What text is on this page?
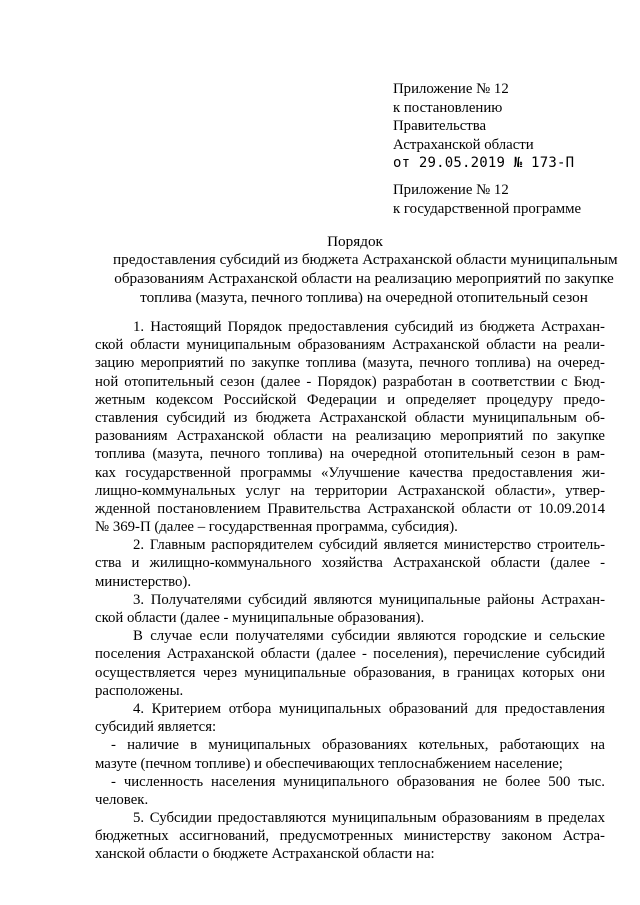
Приложение № 12
к постановлению
Правительства
Астраханской области
от 29.05.2019 № 173-П
Приложение № 12
к государственной программе
Порядок
предоставления субсидий из бюджета Астраханской области муниципальным
образованиям Астраханской области на реализацию мероприятий по закупке
топлива (мазута, печного топлива) на очередной отопительный сезон
1. Настоящий Порядок предоставления субсидий из бюджета Астрахан-
ской области муниципальным образованиям Астраханской области на реали-
зацию мероприятий по закупке топлива (мазута, печного топлива) на очеред-
ной отопительный сезон (далее - Порядок) разработан в соответствии с Бюд-
жетным кодексом Российской Федерации и определяет процедуру предо-
ставления субсидий из бюджета Астраханской области муниципальным об-
разованиям Астраханской области на реализацию мероприятий по закупке
топлива (мазута, печного топлива) на очередной отопительный сезон в рам-
ках государственной программы «Улучшение качества предоставления жи-
лищно-коммунальных услуг на территории Астраханской области», утвер-
жденной постановлением Правительства Астраханской области от 10.09.2014
№ 369-П (далее – государственная программа, субсидия).
2. Главным распорядителем субсидий является министерство строитель-
ства и жилищно-коммунального хозяйства Астраханской области (далее -
министерство).
3. Получателями субсидий являются муниципальные районы Астрахан-
ской области (далее - муниципальные образования).
В случае если получателями субсидии являются городские и сельские
поселения Астраханской области (далее - поселения), перечисление субсидий
осуществляется через муниципальные образования, в границах которых они
расположены.
4. Критерием отбора муниципальных образований для предоставления
субсидий является:
- наличие в муниципальных образованиях котельных, работающих на
мазуте (печном топливе) и обеспечивающих теплоснабжением население;
- численность населения муниципального образования не более 500 тыс.
человек.
5. Субсидии предоставляются муниципальным образованиям в пределах
бюджетных ассигнований, предусмотренных министерству законом Астра-
ханской области о бюджете Астраханской области на:
